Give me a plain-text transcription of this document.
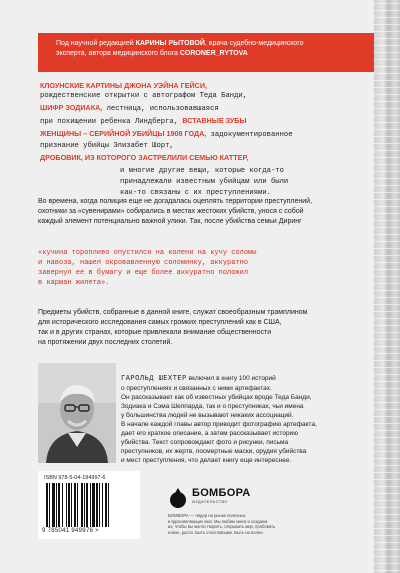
Под научной редакцией КАРИНЫ РЫТОВОЙ, врача судебно-медицинского
эксперта, автора медицинского блога CORONER_RYTOVA
КЛОУНСКИЕ КАРТИНЫ ДЖОНА УЭЙНА ГЕЙСИ,
рождественские открытки с автографом Теда Банди,
ШИФР ЗОДИАКА, лестница, использовавшаяся
при похищении ребенка Линдберга, ВСТАВНЫЕ ЗУБЫ
ЖЕНЩИНЫ – СЕРИЙНОЙ УБИЙЦЫ 1908 ГОДА, задокументированное
признание убийцы Элизабет Шорт,
ДРОБОВИК, ИЗ КОТОРОГО ЗАСТРЕЛИЛИ СЕМЬЮ КАТТЕР,
и многие другие вещи, которые когда-то
принадлежали известным убийцам или были
как-то связаны с их преступлениями.
Во времена, когда полиция еще не догадалась оцеплять территории преступлений,
охотники за «сувенирами» собирались в местах жестоких убийств, унося с собой
каждый элемент потенциально важной улики. Так, после убийства семьи Диринг
«кучина торопливо опустился на колени на кучу соломы
и навоза, нашел окровавленную соломинку, аккуратно
завернул ее в бумагу и еще более аккуратно положил
в карман жилета».
Предметы убийств, собранные в данной книге, служат своеобразным трамплином
для исторического исследования самых громких преступлений как в США,
так и в других странах, которые привлекали внимание общественности
на протяжении двух последних столетий.
ГАРОЛЬД ШЕХТЕР включил в книгу 100 историй
о преступлениях и связанных с ними артефактах.
Он рассказывает как об известных убийцах вроде Теда Банди,
Зодиака и Сэма Шеппарда, так и о преступниках, чьи имена
у большинства людей не вызывают никаких ассоциаций.
В начале каждой главы автор приводит фотографию артефакта,
дает его краткое описание, а затем рассказывает историю
убийства. Текст сопровождают фото и рисунки, письма
преступников, их жертв, посмертные маски, орудия убийства
и мест преступления, что делает книгу еще интереснее.
ISBN 978-5-04-194997-6
9 785041 949976 >
БОМБОРА
ИЗДАТЕЛЬСТВО
БОМБОРА — лидер на рынке полезных
и вдохновляющих книг. Мы любим книги и создаем
их, чтобы вы могли творить, открывать мир, пробовать
новое, расти. Быть счастливыми. Быть на волне.
